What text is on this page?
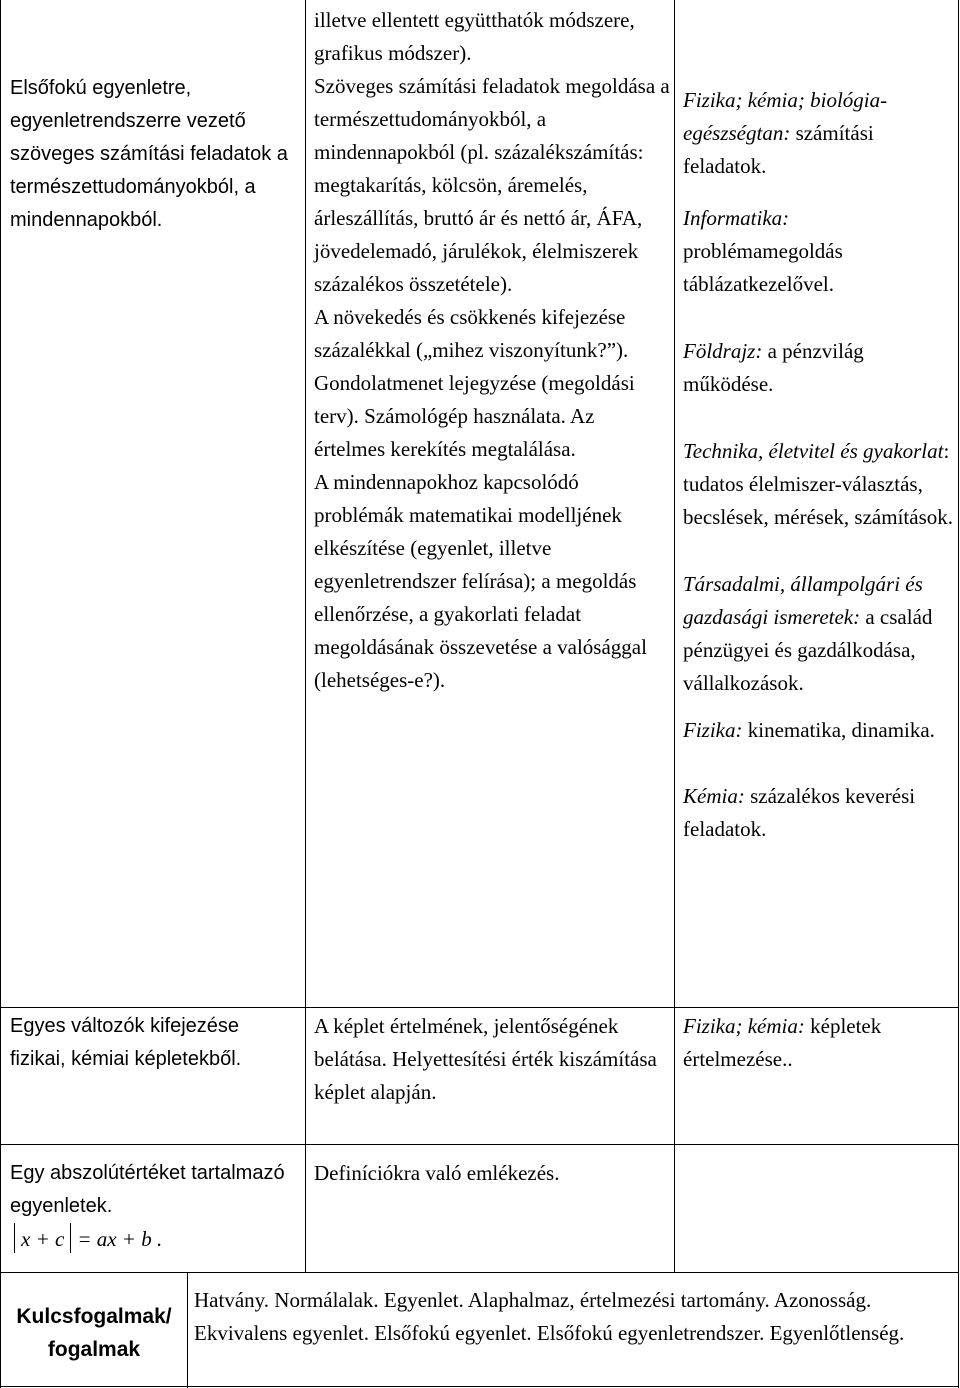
Elsőfokú egyenletre, egyenletrendszerre vezető szöveges számítási feladatok a természettudományokból, a mindennapokból.

illetve ellentett együtthatók módszere, grafikus módszer).

Szöveges számítási feladatok megoldása a természettudományokból, a mindennapokból (pl. százalékszámítás: megtakarítás, kölcsön, áremelés, árleszállítás, bruttó ár és nettó ár, ÁFA, jövedelemadó, járulékok, élelmiszerek százalékos összetétele).

A növekedés és csökkenés kifejezése százalékkal („mihez viszonyítunk?”). Gondolatmenet lejegyzése (megoldási terv). Számológép használata. Az értelmes kerekítés megtalálása.

A mindennapokhoz kapcsolódó problémák matematikai modelljének elkészítése (egyenlet, illetve egyenletrendszer felírása); a megoldás ellenőrzése, a gyakorlati feladat megoldásának összevetése a valósággal (lehetséges-e?).

Fizika; kémia; biológia-egészségtan: számítási feladatok.

Informatika: problémamegoldás táblázatkezelővel.

Földrajz: a pénzvilág működése.

Technika, életvitel és gyakorlat: tudatos élelmiszer-választás, becslések, mérések, számítások.

Társadalmi, állampolgári és gazdasági ismeretek: a család pénzügyei és gazdálkodása, vállalkozások.

Fizika: kinematika, dinamika.

Kémia: százalékos keverési feladatok.

Egyes változók kifejezése fizikai, kémiai képletekből.
A képlet értelmének, jelentőségének belátása. Helyettesítési érték kiszámítása képlet alapján.
Fizika; kémia: képletek értelmezése..
Egy abszolútértéket tartalmazó egyenletek.
x + c = ax + b .
Definíciókra való emlékezés.
Kulcsfogalmak/ fogalmak
Hatvány. Normálalak. Egyenlet. Alaphalmaz, értelmezési tartomány. Azonosság. Ekvivalens egyenlet. Elsőfokú egyenlet. Elsőfokú egyenletrendszer. Egyenlőtlenség.
